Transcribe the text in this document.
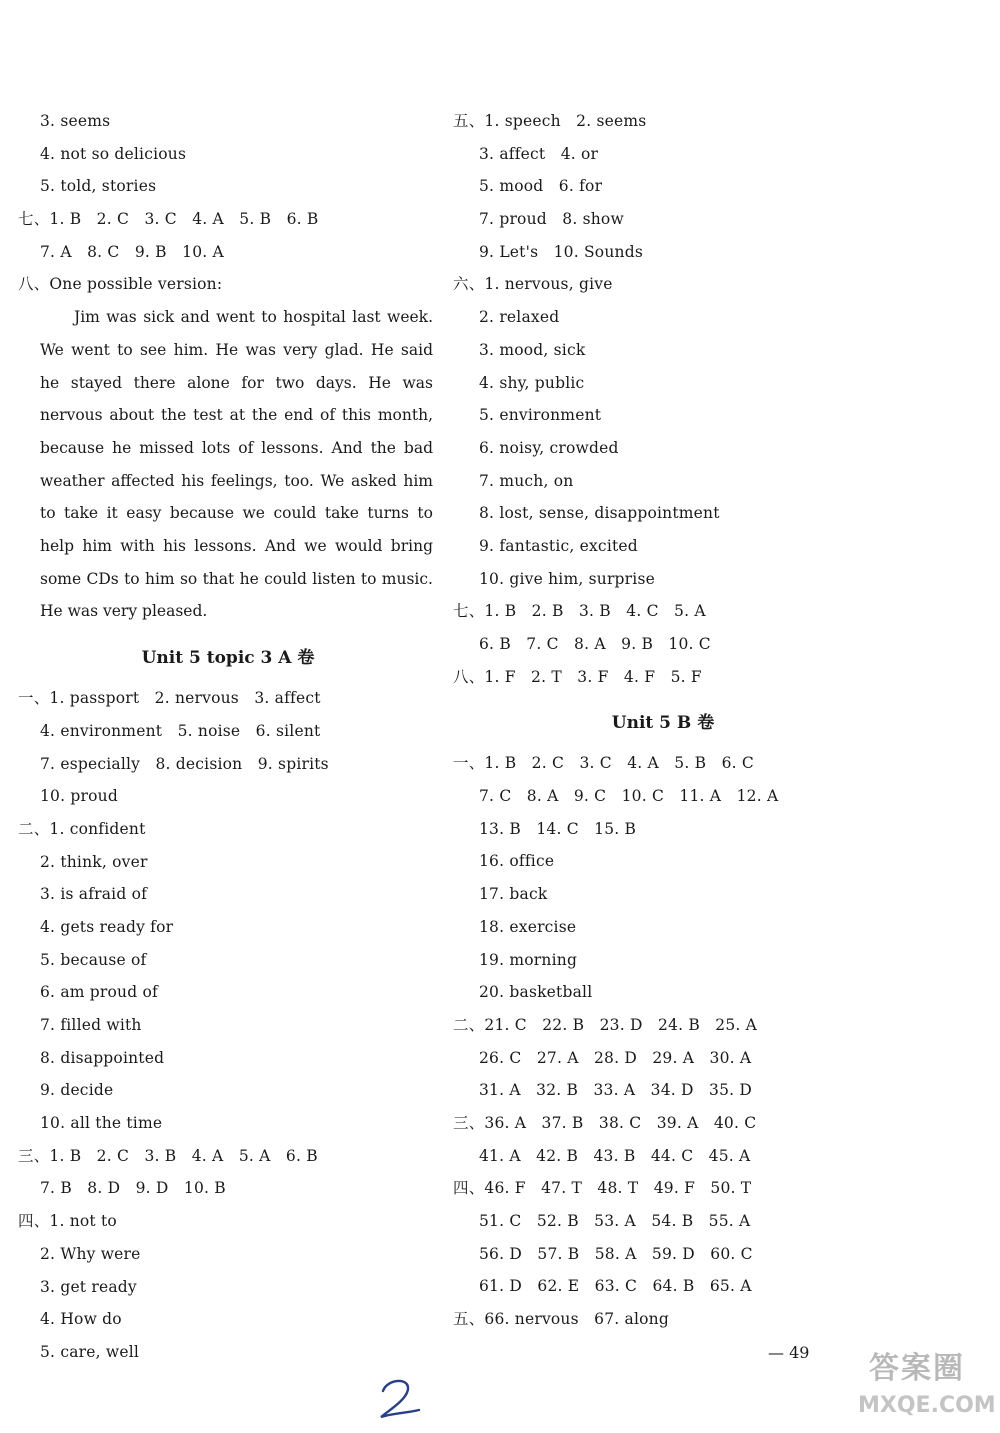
3. seems
4. not so delicious
5. told, stories
七、1. B   2. C   3. C   4. A   5. B   6. B
7. A   8. C   9. B   10. A
八、One possible version:

Jim was sick and went to hospital last week. We went to see him. He was very glad. He said he stayed there alone for two days. He was nervous about the test at the end of this month, because he missed lots of lessons. And the bad weather affected his feelings, too. We asked him to take it easy because we could take turns to help him with his lessons. And we would bring some CDs to him so that he could listen to music. He was very pleased.

Unit 5 topic 3 A 卷
一、1. passport   2. nervous   3. affect
4. environment   5. noise   6. silent
7. especially   8. decision   9. spirits
10. proud
二、1. confident
2. think, over
3. is afraid of
4. gets ready for
5. because of
6. am proud of
7. filled with
8. disappointed
9. decide
10. all the time
三、1. B   2. C   3. B   4. A   5. A   6. B
7. B   8. D   9. D   10. B
四、1. not to
2. Why were
3. get ready
4. How do
5. care, well
五、1. speech   2. seems
3. affect   4. or
5. mood   6. for
7. proud   8. show
9. Let's   10. Sounds
六、1. nervous, give
2. relaxed
3. mood, sick
4. shy, public
5. environment
6. noisy, crowded
7. much, on
8. lost, sense, disappointment
9. fantastic, excited
10. give him, surprise
七、1. B   2. B   3. B   4. C   5. A
6. B   7. C   8. A   9. B   10. C
八、1. F   2. T   3. F   4. F   5. F
Unit 5 B 卷
一、1. B   2. C   3. C   4. A   5. B   6. C
7. C   8. A   9. C   10. C   11. A   12. A
13. B   14. C   15. B
16. office
17. back
18. exercise
19. morning
20. basketball
二、21. C   22. B   23. D   24. B   25. A
26. C   27. A   28. D   29. A   30. A
31. A   32. B   33. A   34. D   35. D
三、36. A   37. B   38. C   39. A   40. C
41. A   42. B   43. B   44. C   45. A
四、46. F   47. T   48. T   49. F   50. T
51. C   52. B   53. A   54. B   55. A
56. D   57. B   58. A   59. D   60. C
61. D   62. E   63. C   64. B   65. A
五、66. nervous   67. along
— 49 答案圈
MXQE.COM
